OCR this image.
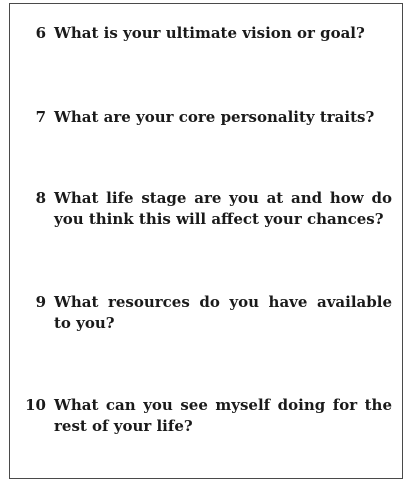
6 What is your ultimate vision or goal?
7 What are your core personality traits?
8 What life stage are you at and how do you think this will affect your chances?
9 What resources do you have available to you?
10 What can you see myself doing for the rest of your life?
